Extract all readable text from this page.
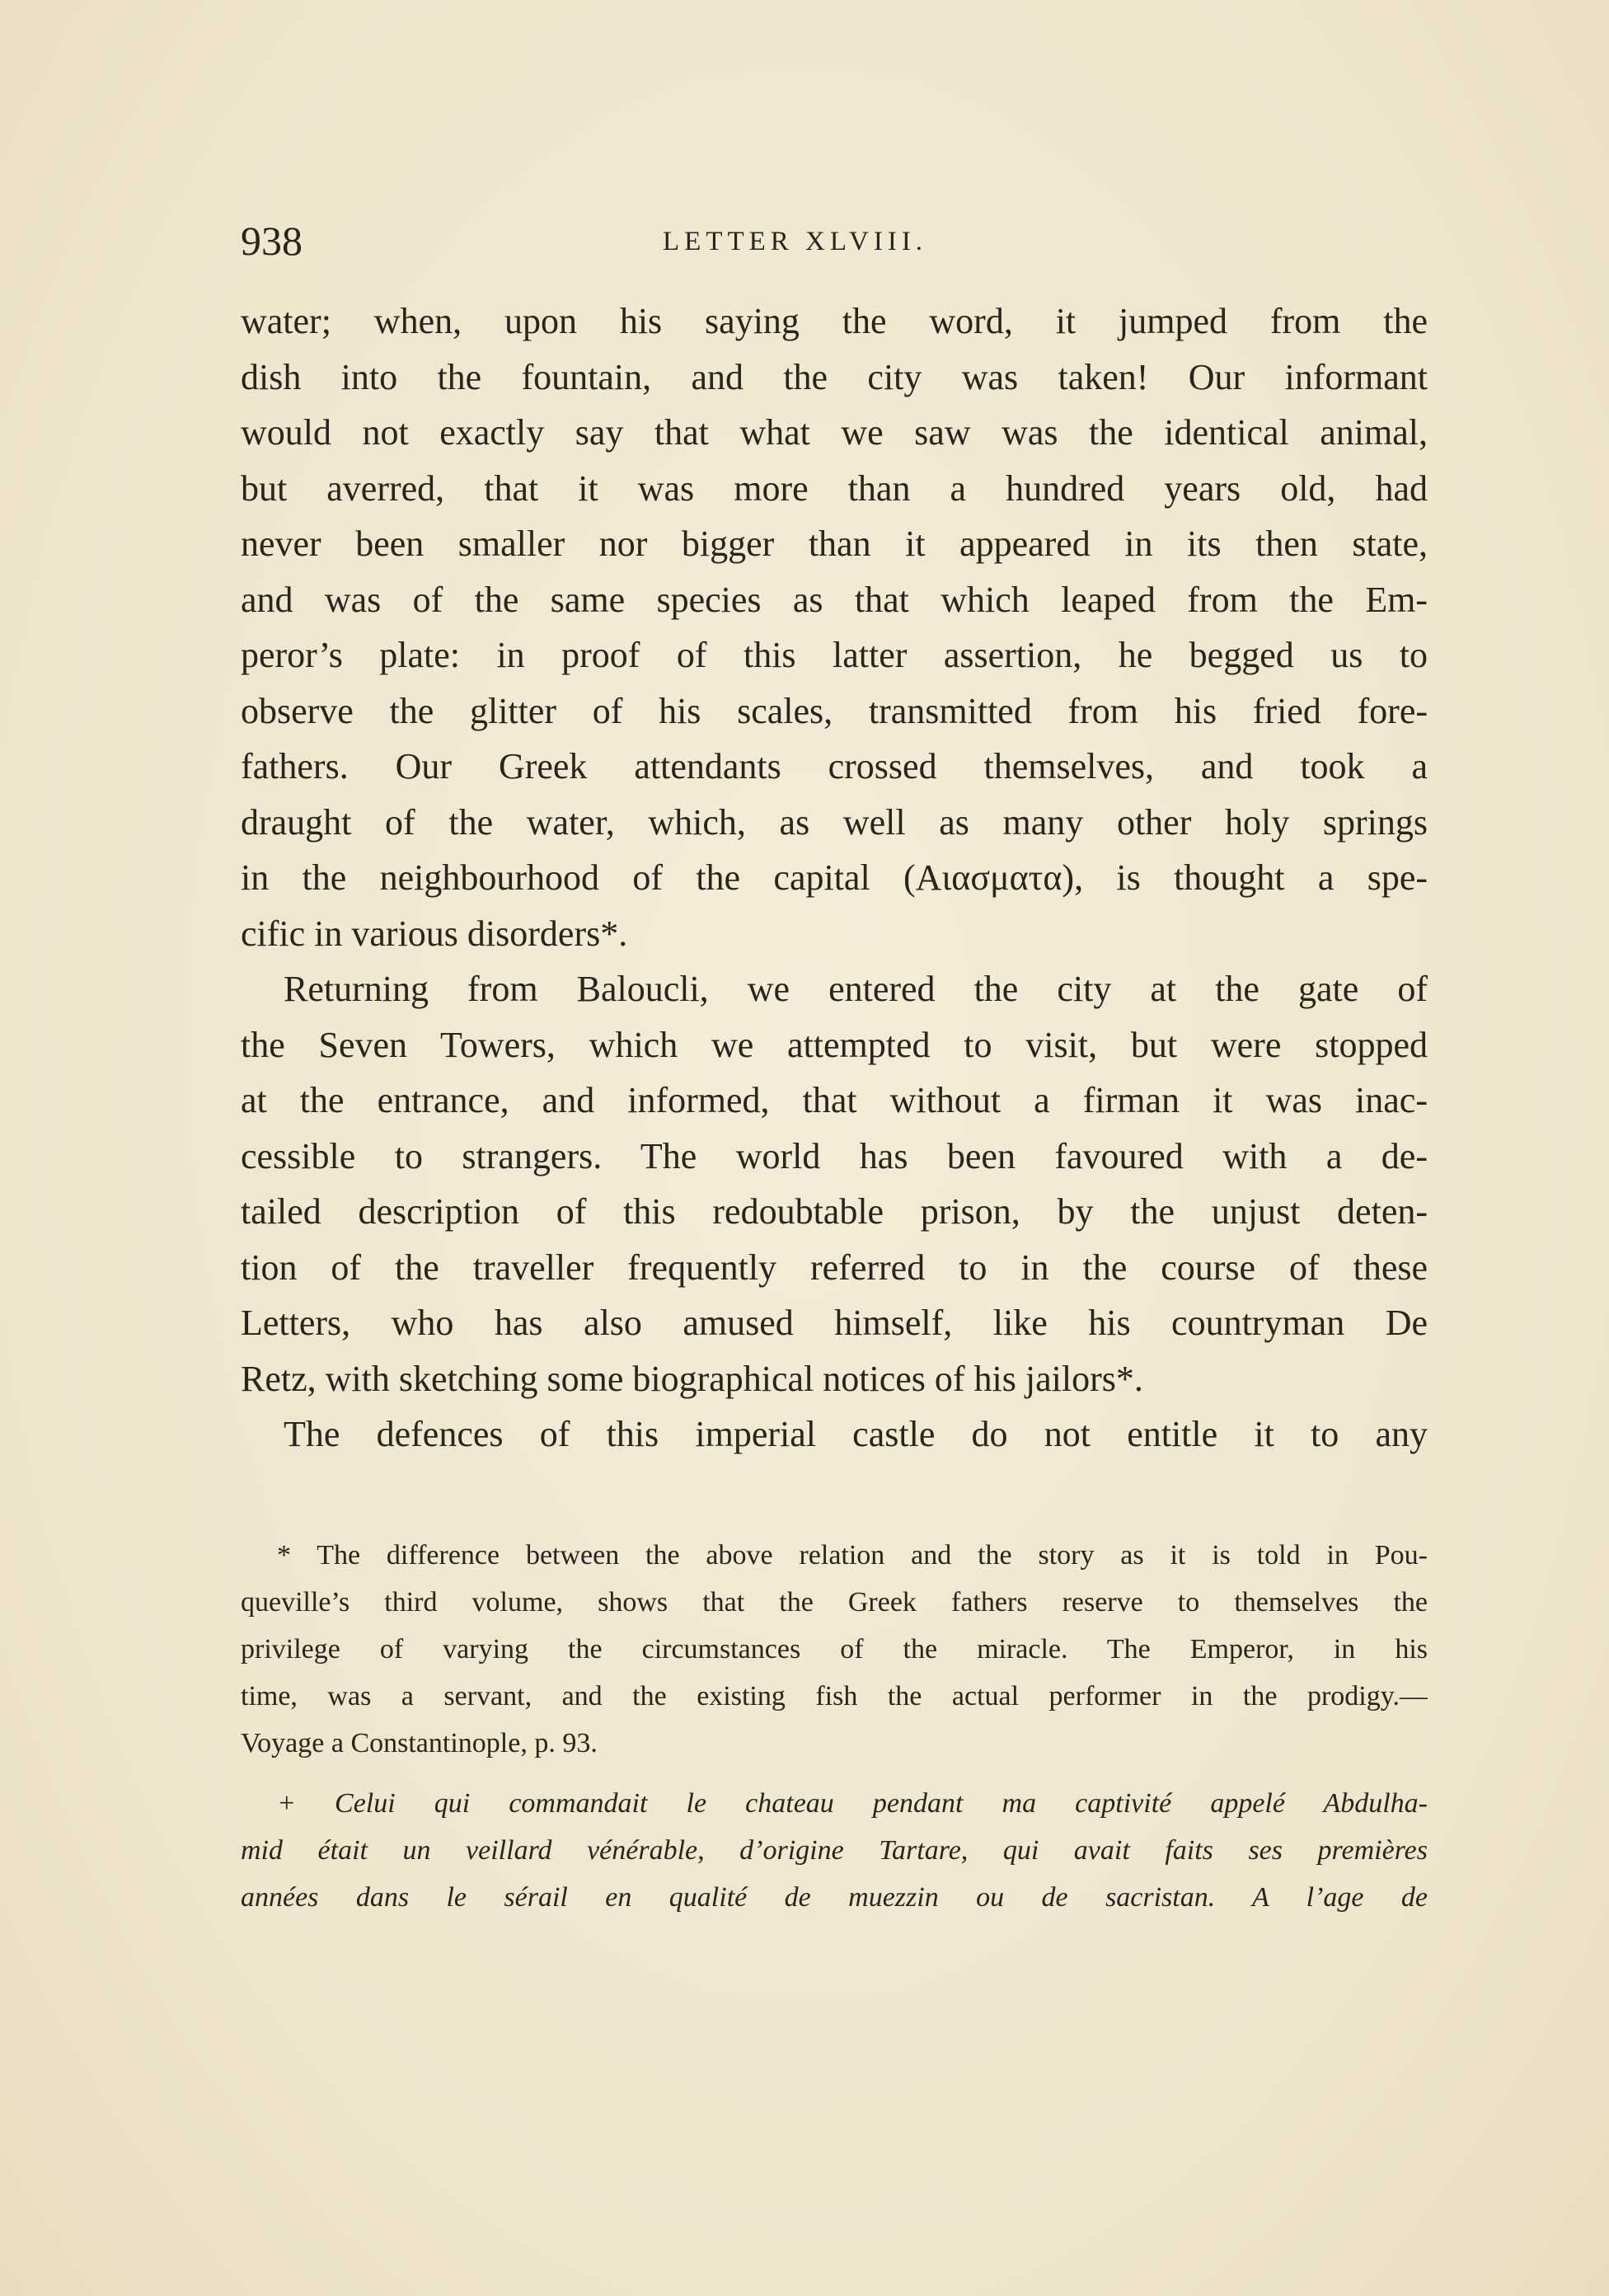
938	LETTER XLVIII.
water; when, upon his saying the word, it jumped from the
dish into the fountain, and the city was taken! Our informant
would not exactly say that what we saw was the identical animal,
but averred, that it was more than a hundred years old, had
never been smaller nor bigger than it appeared in its then state,
and was of the same species as that which leaped from the Em-
peror’s plate: in proof of this latter assertion, he begged us to
observe the glitter of his scales, transmitted from his fried fore-
fathers. Our Greek attendants crossed themselves, and took a
draught of the water, which, as well as many other holy springs
in the neighbourhood of the capital (Αιασματα), is thought a spe-
cific in various disorders*.
Returning from Baloucli, we entered the city at the gate of
the Seven Towers, which we attempted to visit, but were stopped
at the entrance, and informed, that without a firman it was inac-
cessible to strangers. The world has been favoured with a de-
tailed description of this redoubtable prison, by the unjust deten-
tion of the traveller frequently referred to in the course of these
Letters, who has also amused himself, like his countryman De
Retz, with sketching some biographical notices of his jailors*.
The defences of this imperial castle do not entitle it to any
* The difference between the above relation and the story as it is told in Pou-
queville’s third volume, shows that the Greek fathers reserve to themselves the
privilege of varying the circumstances of the miracle. The Emperor, in his
time, was a servant, and the existing fish the actual performer in the prodigy.—
Voyage a Constantinople, p. 93.
+ Celui qui commandait le chateau pendant ma captivité appelé Abdulha-
mid était un veillard vénérable, d’origine Tartare, qui avait faits ses premières
années dans le sérail en qualité de muezzin ou de sacristan. A l’age de
